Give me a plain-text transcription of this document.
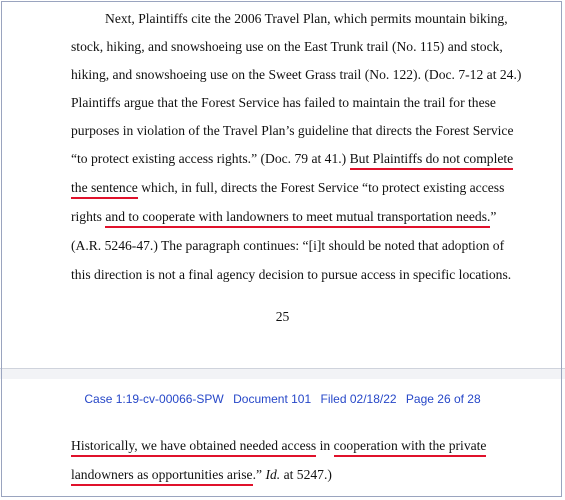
Next, Plaintiffs cite the 2006 Travel Plan, which permits mountain biking,
stock, hiking, and snowshoeing use on the East Trunk trail (No. 115) and stock,
hiking, and snowshoeing use on the Sweet Grass trail (No. 122). (Doc. 7-12 at 24.)
Plaintiffs argue that the Forest Service has failed to maintain the trail for these
purposes in violation of the Travel Plan’s guideline that directs the Forest Service
“to protect existing access rights.” (Doc. 79 at 41.) But Plaintiffs do not complete
the sentence which, in full, directs the Forest Service “to protect existing access
rights and to cooperate with landowners to meet mutual transportation needs.”
(A.R. 5246-47.) The paragraph continues: “[i]t should be noted that adoption of
this direction is not a final agency decision to pursue access in specific locations.
25
Case 1:19-cv-00066-SPW Document 101 Filed 02/18/22 Page 26 of 28
Historically, we have obtained needed access in cooperation with the private
landowners as opportunities arise.” Id. at 5247.)
